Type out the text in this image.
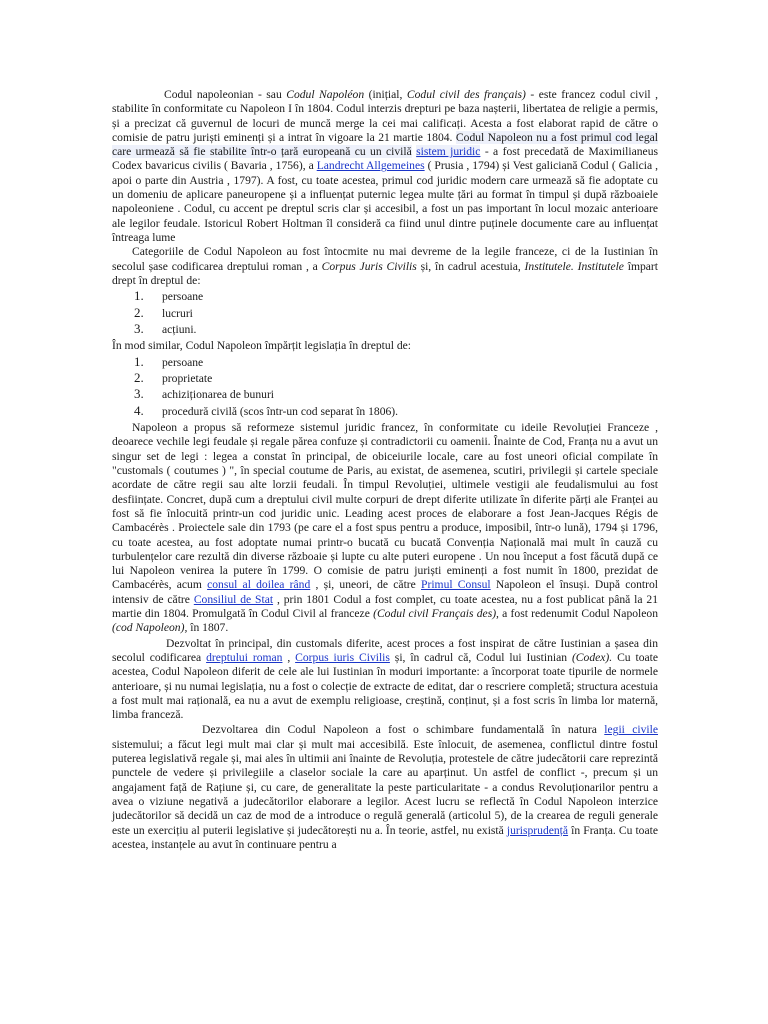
Codul napoleonian - sau Codul Napoléon (inițial, Codul civil des français) - este francez codul civil , stabilite în conformitate cu Napoleon I în 1804. Codul interzis drepturi pe baza nașterii, libertatea de religie a permis, și a precizat că guvernul de locuri de muncă merge la cei mai calificați. Acesta a fost elaborat rapid de către o comisie de patru juriști eminenți și a intrat în vigoare la 21 martie 1804. Codul Napoleon nu a fost primul cod legal care urmează să fie stabilite într-o țară europeană cu un civilă sistem juridic - a fost precedată de Maximilianeus Codex bavaricus civilis ( Bavaria , 1756), a Landrecht Allgemeines ( Prusia , 1794) și Vest galiciană Codul ( Galicia , apoi o parte din Austria , 1797). A fost, cu toate acestea, primul cod juridic modern care urmează să fie adoptate cu un domeniu de aplicare paneuropene și a influențat puternic legea multe țări au format în timpul și după războaiele napoleoniene . Codul, cu accent pe dreptul scris clar și accesibil, a fost un pas important în locul mozaic anterioare ale legilor feudale. Istoricul Robert Holtman îl consideră ca fiind unul dintre puținele documente care au influențat întreaga lume

Categoriile de Codul Napoleon au fost întocmite nu mai devreme de la legile franceze, ci de la Iustinian în secolul șase codificarea dreptului roman , a Corpus Juris Civilis și, în cadrul acestuia, Institutele. Institutele împart drept în dreptul de:

1.	persoane
2.	lucruri
3.	acțiuni.

În mod similar, Codul Napoleon împărțit legislația în dreptul de:

1.	persoane
2.	proprietate
3.	achiziționarea de bunuri
4.	procedură civilă (scos într-un cod separat în 1806).

Napoleon a propus să reformeze sistemul juridic francez, în conformitate cu ideile Revoluției Franceze , deoarece vechile legi feudale și regale părea confuze și contradictorii cu oamenii. Înainte de Cod, Franța nu a avut un singur set de legi : legea a constat în principal, de obiceiurile locale, care au fost uneori oficial compilate în "customals ( coutumes ) ", în special coutume de Paris, au existat, de asemenea, scutiri, privilegii și cartele speciale acordate de către regii sau alte lorzii feudali. În timpul Revoluției, ultimele vestigii ale feudalismului au fost desființate. Concret, după cum a dreptului civil multe corpuri de drept diferite utilizate în diferite părți ale Franței au fost să fie înlocuită printr-un cod juridic unic. Leading acest proces de elaborare a fost Jean-Jacques Régis de Cambacérès . Proiectele sale din 1793 (pe care el a fost spus pentru a produce, imposibil, într-o lună), 1794 și 1796, cu toate acestea, au fost adoptate numai printr-o bucată cu bucată Convenția Națională mai mult în cauză cu turbulențelor care rezultă din diverse războaie și lupte cu alte puteri europene . Un nou început a fost făcută după ce lui Napoleon venirea la putere în 1799. O comisie de patru juriști eminenți a fost numit în 1800, prezidat de Cambacérès, acum consul al doilea rând , și, uneori, de către Primul Consul Napoleon el însuși. După control intensiv de către Consiliul de Stat , prin 1801 Codul a fost complet, cu toate acestea, nu a fost publicat până la 21 martie din 1804. Promulgată în Codul Civil al franceze (Codul civil Français des), a fost redenumit Codul Napoleon (cod Napoleon), în 1807.

Dezvoltat în principal, din customals diferite, acest proces a fost inspirat de către Iustinian a șasea din secolul codificarea dreptului roman , Corpus iuris Civilis și, în cadrul că, Codul lui Iustinian (Codex). Cu toate acestea, Codul Napoleon diferit de cele ale lui Iustinian în moduri importante: a încorporat toate tipurile de normele anterioare, și nu numai legislația, nu a fost o colecție de extracte de editat, dar o rescriere completă; structura acestuia a fost mult mai rațională, ea nu a avut de exemplu religioase, creștină, conținut, și a fost scris în limba lor maternă, limba franceză.

Dezvoltarea din Codul Napoleon a fost o schimbare fundamentală în natura legii civile sistemului; a făcut legi mult mai clar și mult mai accesibilă. Este înlocuit, de asemenea, conflictul dintre fostul puterea legislativă regale și, mai ales în ultimii ani înainte de Revoluția, protestele de către judecătorii care reprezintă punctele de vedere și privilegiile a claselor sociale la care au aparținut. Un astfel de conflict -, precum și un angajament față de Rațiune și, cu care, de generalitate la peste particularitate - a condus Revoluționarilor pentru a avea o viziune negativă a judecătorilor elaborare a legilor. Acest lucru se reflectă în Codul Napoleon interzice judecătorilor să decidă un caz de mod de a introduce o regulă generală (articolul 5), de la crearea de reguli generale este un exercițiu al puterii legislative și judecătorești nu a. În teorie, astfel, nu există jurisprudență în Franța. Cu toate acestea, instanțele au avut în continuare pentru a
